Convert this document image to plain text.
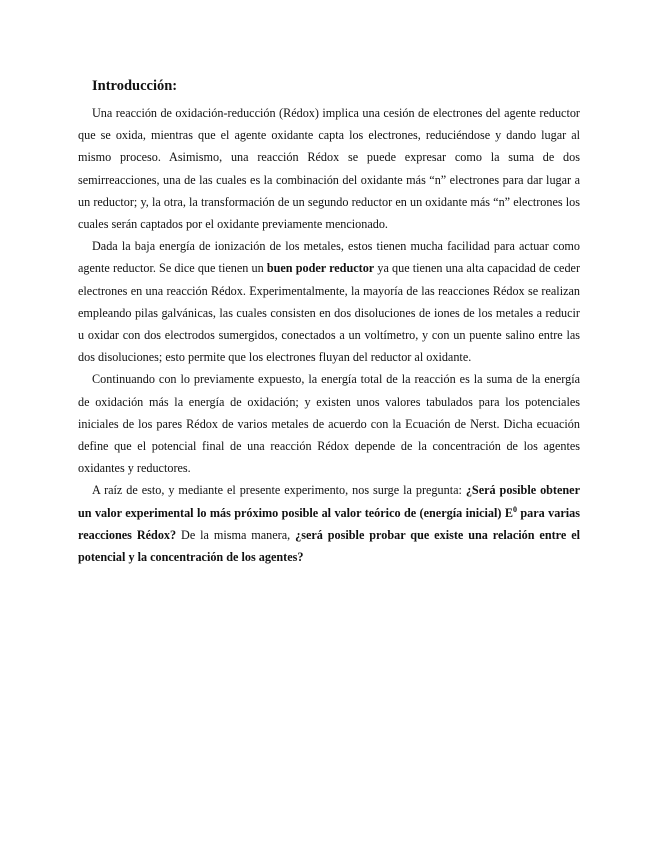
Introducción:

Una reacción de oxidación-reducción (Rédox) implica una cesión de electrones del agente reductor que se oxida, mientras que el agente oxidante capta los electrones, reduciéndose y dando lugar al mismo proceso. Asimismo, una reacción Rédox se puede expresar como la suma de dos semirreacciones, una de las cuales es la combinación del oxidante más “n” electrones para dar lugar a un reductor; y, la otra, la transformación de un segundo reductor en un oxidante más “n” electrones los cuales serán captados por el oxidante previamente mencionado.

Dada la baja energía de ionización de los metales, estos tienen mucha facilidad para actuar como agente reductor. Se dice que tienen un buen poder reductor ya que tienen una alta capacidad de ceder electrones en una reacción Rédox. Experimentalmente, la mayoría de las reacciones Rédox se realizan empleando pilas galvánicas, las cuales consisten en dos disoluciones de iones de los metales a reducir u oxidar con dos electrodos sumergidos, conectados a un voltímetro, y con un puente salino entre las dos disoluciones; esto permite que los electrones fluyan del reductor al oxidante.

Continuando con lo previamente expuesto, la energía total de la reacción es la suma de la energía de oxidación más la energía de oxidación; y existen unos valores tabulados para los potenciales iniciales de los pares Rédox de varios metales de acuerdo con la Ecuación de Nerst. Dicha ecuación define que el potencial final de una reacción Rédox depende de la concentración de los agentes oxidantes y reductores.

A raíz de esto, y mediante el presente experimento, nos surge la pregunta: ¿Será posible obtener un valor experimental lo más próximo posible al valor teórico de (energía inicial) $E^0$ para varias reacciones Rédox? De la misma manera, ¿será posible probar que existe una relación entre el potencial y la concentración de los agentes?
